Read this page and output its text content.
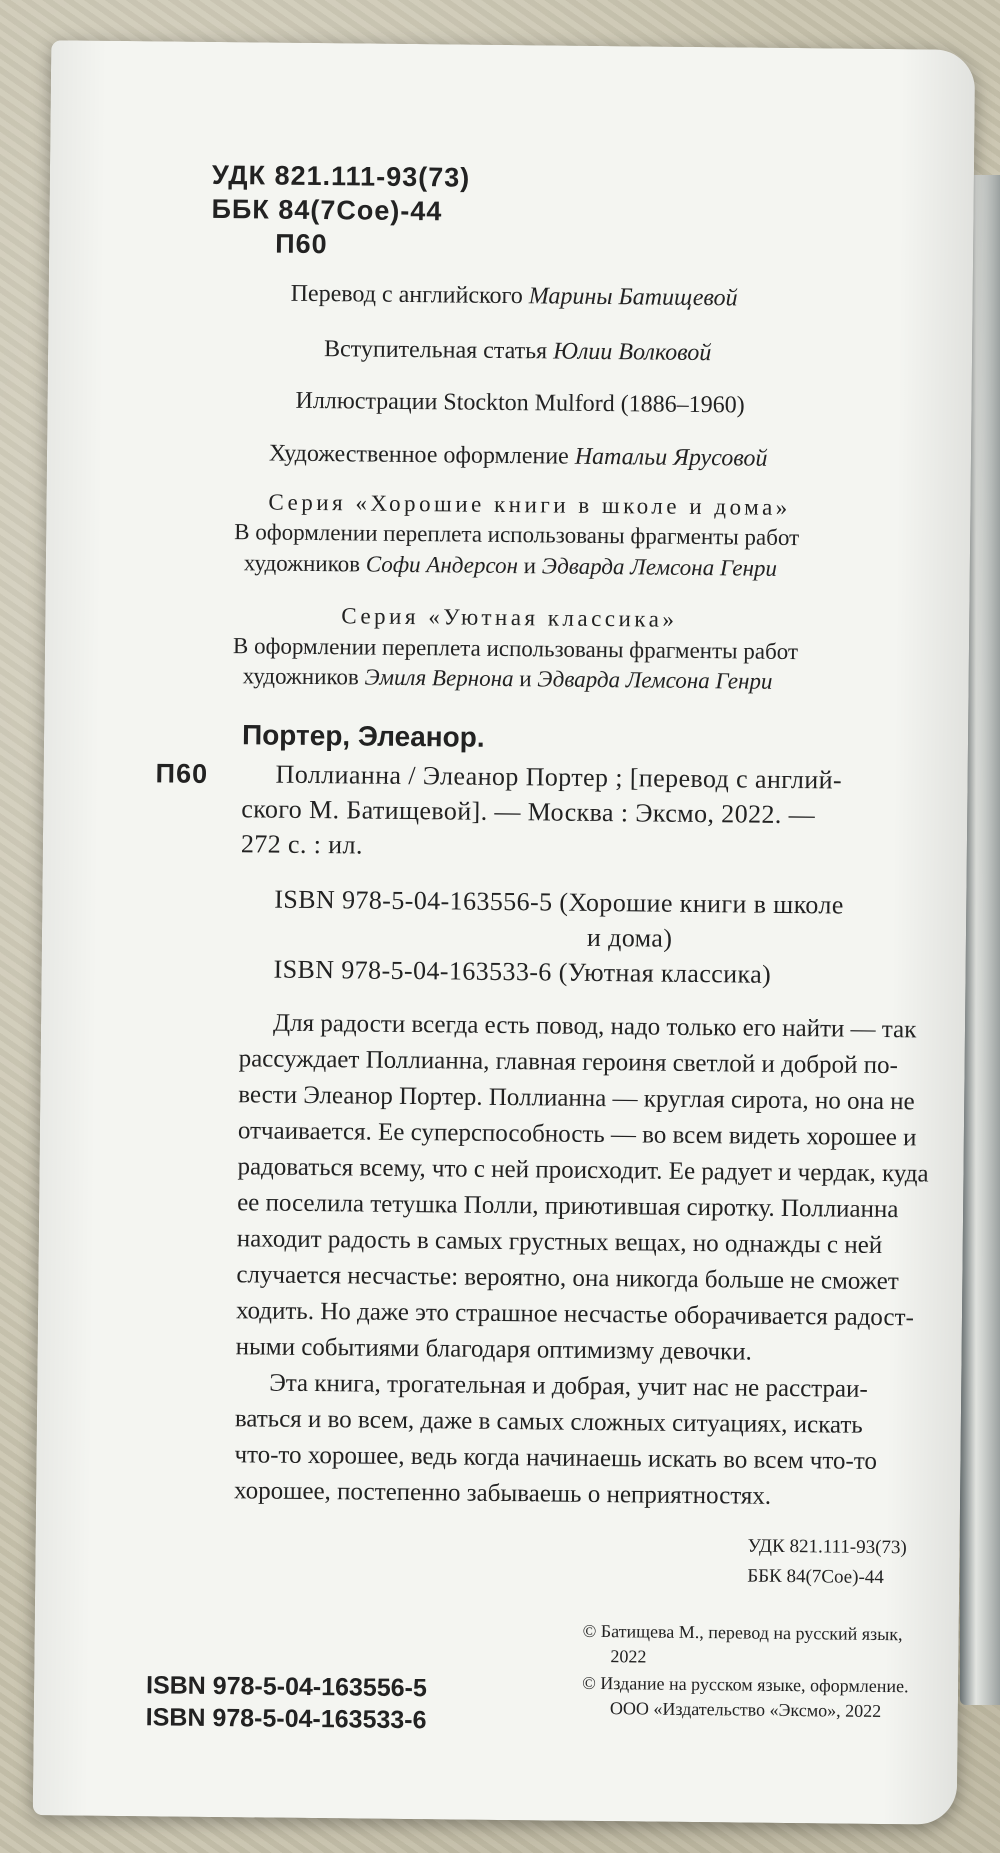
УДК 821.111-93(73)

ББК 84(7Сое)-44

П60

Перевод с английского Марины Батищевой

Вступительная статья Юлии Волковой

Иллюстрации Stockton Mulford (1886–1960)

Художественное оформление Натальи Ярусовой

Серия «Хорошие книги в школе и дома»

В оформлении переплета использованы фрагменты работ

художников Софи Андерсон и Эдварда Лемсона Генри

Серия «Уютная классика»

В оформлении переплета использованы фрагменты работ

художников Эмиля Вернона и Эдварда Лемсона Генри

Портер, Элеанор.

П60	Поллианна / Элеанор Портер ; [перевод с англий-

ского М. Батищевой]. — Москва : Эксмо, 2022. —

272 с. : ил.

ISBN 978-5-04-163556-5 (Хорошие книги в школе

и дома)

ISBN 978-5-04-163533-6 (Уютная классика)

Для радости всегда есть повод, надо только его найти — так

рассуждает Поллианна, главная героиня светлой и доброй по-

вести Элеанор Портер. Поллианна — круглая сирота, но она не

отчаивается. Ее суперспособность — во всем видеть хорошее и

радоваться всему, что с ней происходит. Ее радует и чердак, куда

ее поселила тетушка Полли, приютившая сиротку. Поллианна

находит радость в самых грустных вещах, но однажды с ней

случается несчастье: вероятно, она никогда больше не сможет

ходить. Но даже это страшное несчастье оборачивается радост-

ными событиями благодаря оптимизму девочки.

Эта книга, трогательная и добрая, учит нас не расстраи-

ваться и во всем, даже в самых сложных ситуациях, искать

что-то хорошее, ведь когда начинаешь искать во всем что-то

хорошее, постепенно забываешь о неприятностях.

УДК 821.111-93(73)

ББК 84(7Сое)-44

© Батищева М., перевод на русский язык,

2022

© Издание на русском языке, оформление.

ООО «Издательство «Эксмо», 2022

ISBN 978-5-04-163556-5

ISBN 978-5-04-163533-6
